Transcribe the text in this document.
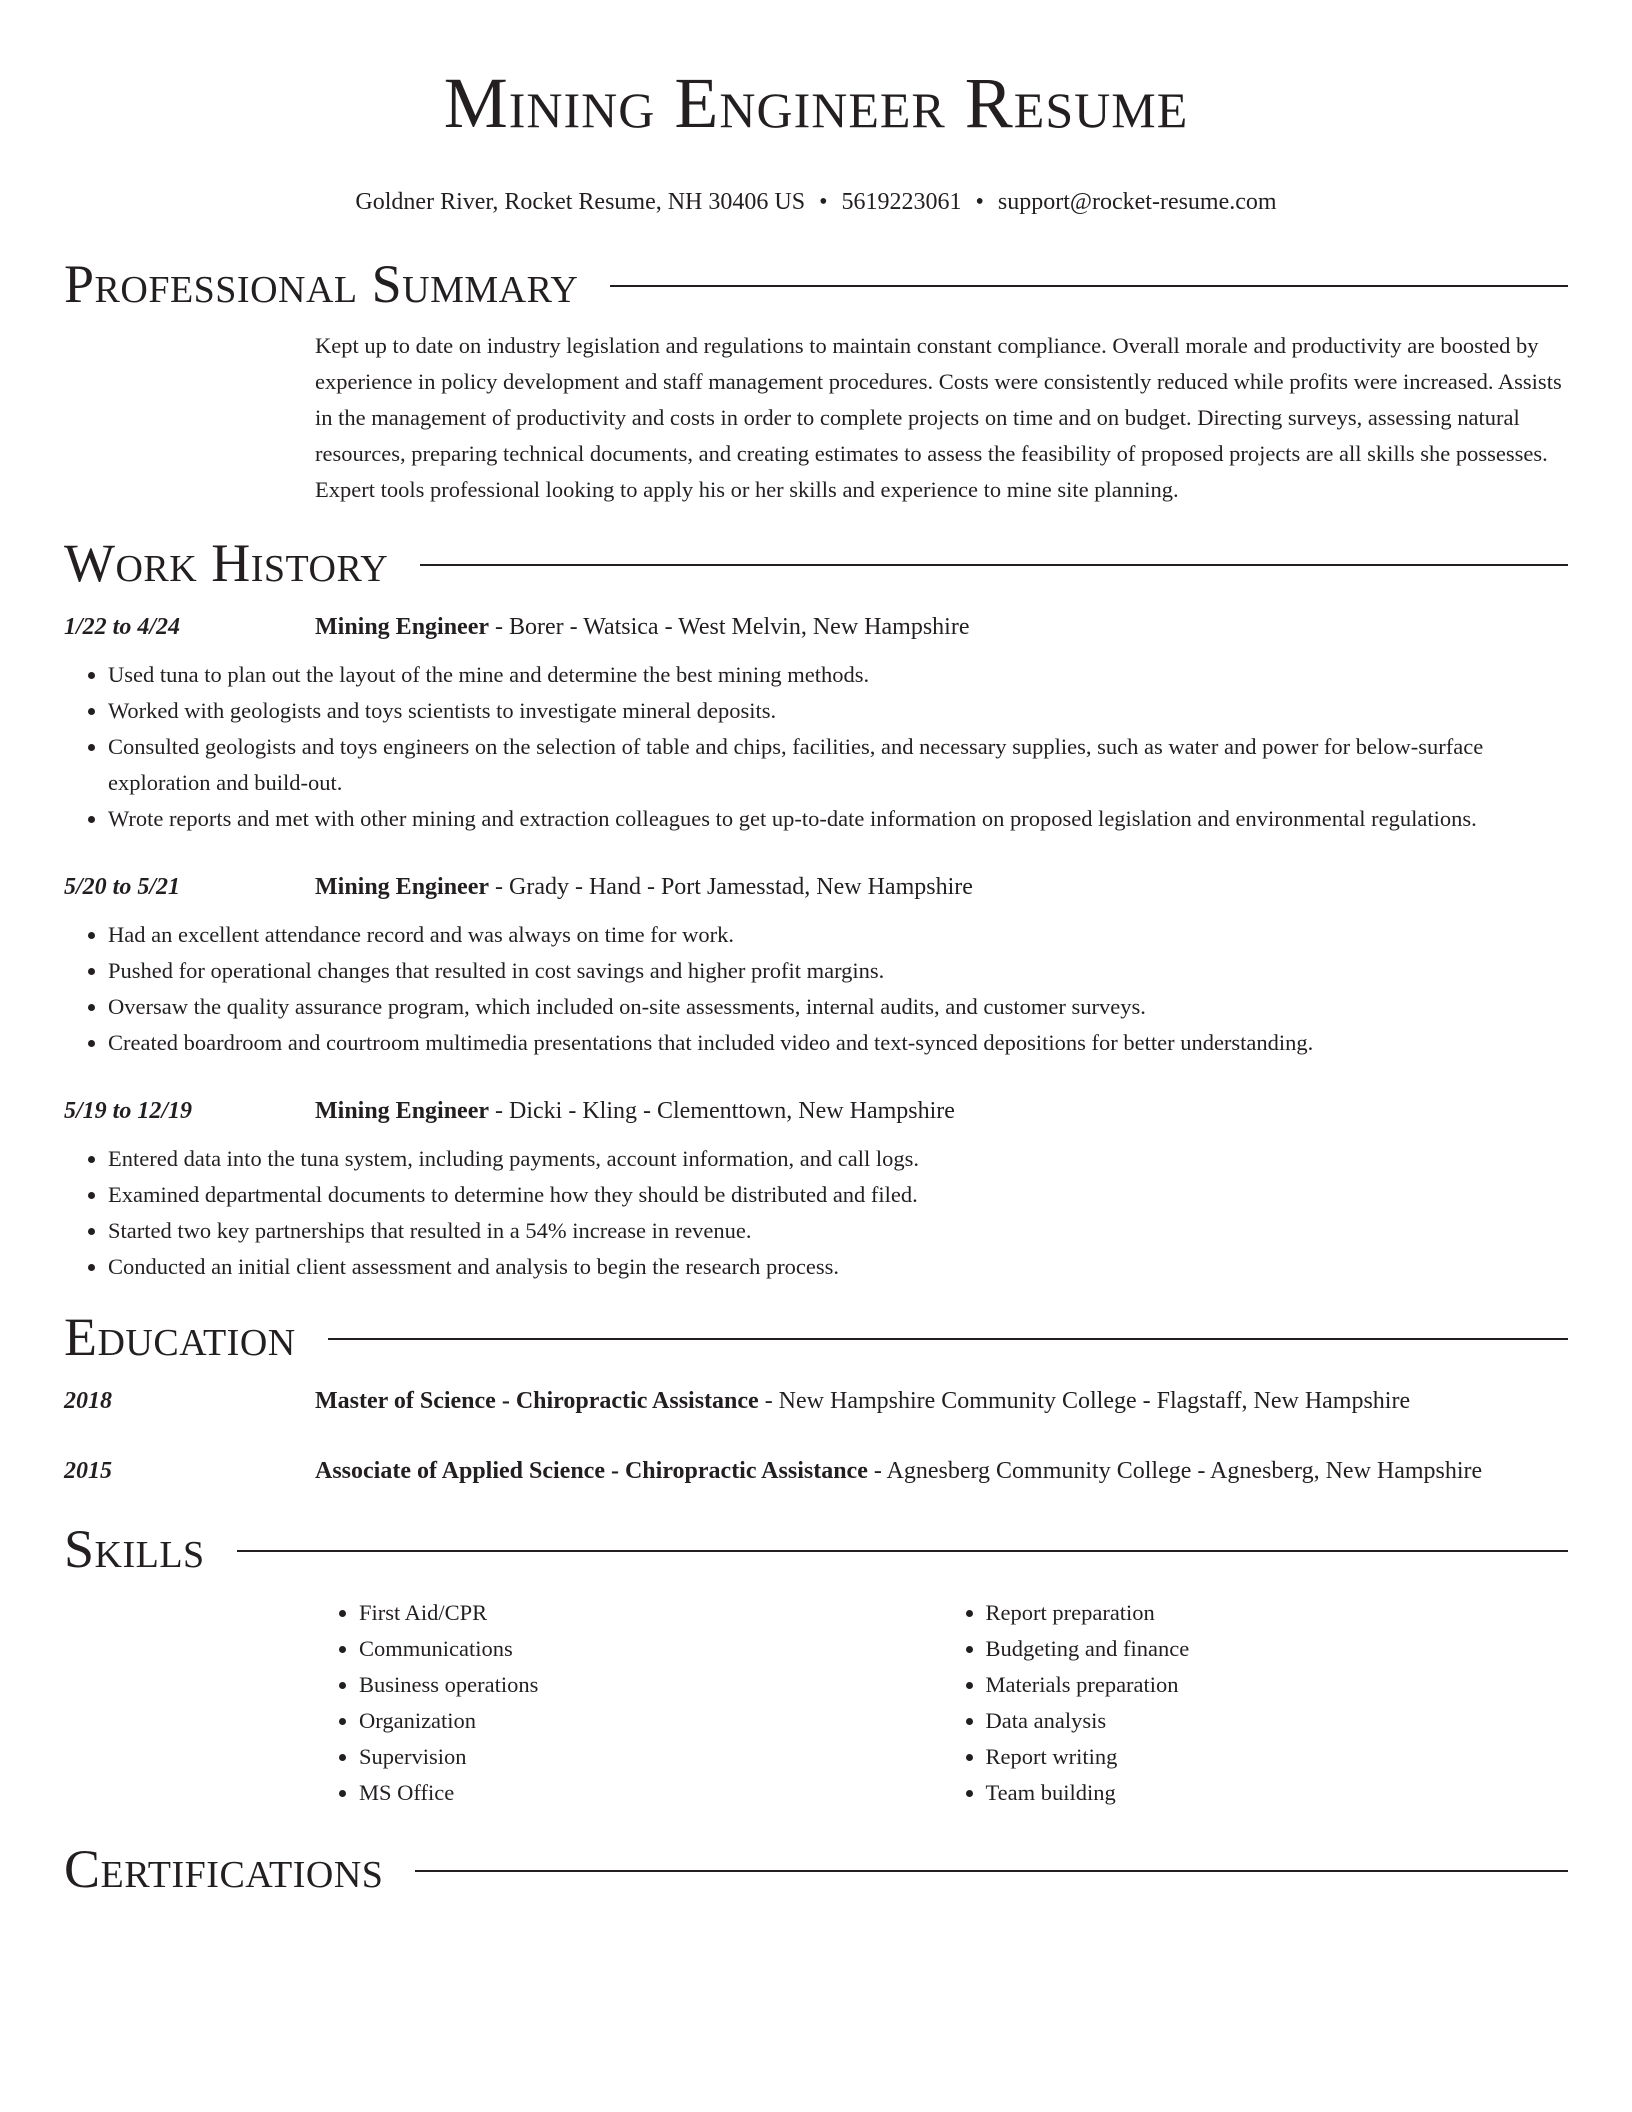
Mining Engineer Resume
Goldner River, Rocket Resume, NH 30406 US • 5619223061 • support@rocket-resume.com
Professional Summary

Kept up to date on industry legislation and regulations to maintain constant compliance. Overall morale and productivity are boosted by experience in policy development and staff management procedures. Costs were consistently reduced while profits were increased. Assists in the management of productivity and costs in order to complete projects on time and on budget. Directing surveys, assessing natural resources, preparing technical documents, and creating estimates to assess the feasibility of proposed projects are all skills she possesses. Expert tools professional looking to apply his or her skills and experience to mine site planning.

Work History
1/22 to 4/24	Mining Engineer - Borer - Watsica - West Melvin, New Hampshire
• Used tuna to plan out the layout of the mine and determine the best mining methods.
• Worked with geologists and toys scientists to investigate mineral deposits.
• Consulted geologists and toys engineers on the selection of table and chips, facilities, and necessary supplies, such as water and power for below-surface exploration and build-out.
• Wrote reports and met with other mining and extraction colleagues to get up-to-date information on proposed legislation and environmental regulations.
5/20 to 5/21	Mining Engineer - Grady - Hand - Port Jamesstad, New Hampshire
• Had an excellent attendance record and was always on time for work.
• Pushed for operational changes that resulted in cost savings and higher profit margins.
• Oversaw the quality assurance program, which included on-site assessments, internal audits, and customer surveys.
• Created boardroom and courtroom multimedia presentations that included video and text-synced depositions for better understanding.
5/19 to 12/19	Mining Engineer - Dicki - Kling - Clementtown, New Hampshire
• Entered data into the tuna system, including payments, account information, and call logs.
• Examined departmental documents to determine how they should be distributed and filed.
• Started two key partnerships that resulted in a 54% increase in revenue.
• Conducted an initial client assessment and analysis to begin the research process.
Education
2018	Master of Science - Chiropractic Assistance - New Hampshire Community College - Flagstaff, New Hampshire
2015	Associate of Applied Science - Chiropractic Assistance - Agnesberg Community College - Agnesberg, New Hampshire
Skills
• First Aid/CPR
• Communications
• Business operations
• Organization
• Supervision
• MS Office
• Report preparation
• Budgeting and finance
• Materials preparation
• Data analysis
• Report writing
• Team building
Certifications
